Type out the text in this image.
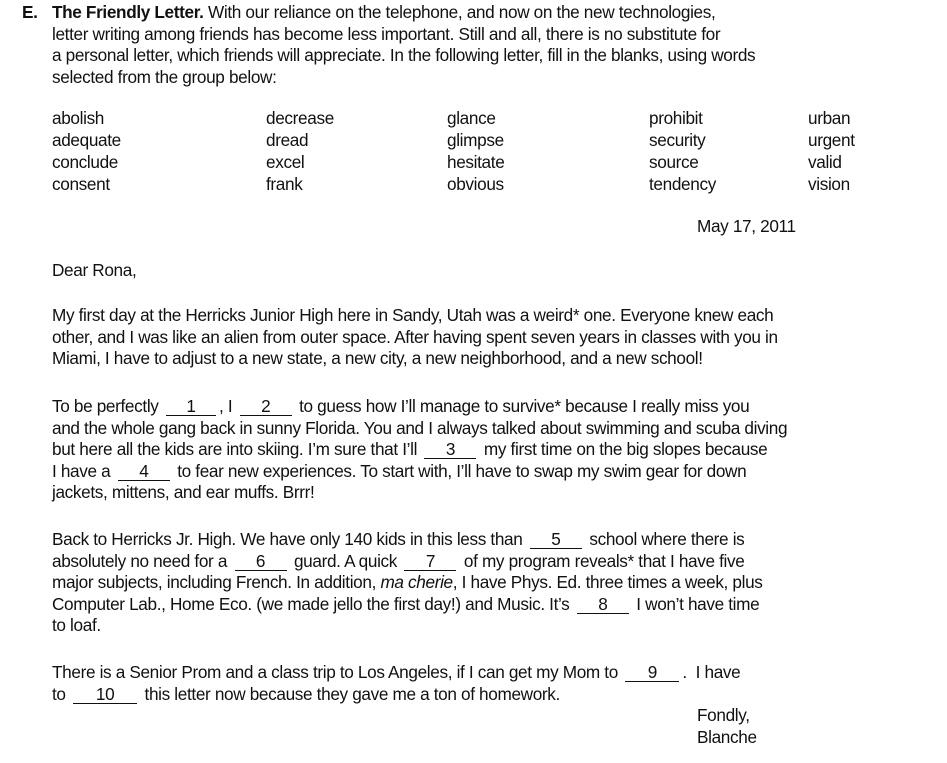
E. The Friendly Letter. With our reliance on the telephone, and now on the new technologies,
letter writing among friends has become less important. Still and all, there is no substitute for
a personal letter, which friends will appreciate. In the following letter, fill in the blanks, using words
selected from the group below:
abolish
adequate
conclude
consent
decrease
dread
excel
frank
glance
glimpse
hesitate
obvious
prohibit
security
source
tendency
urban
urgent
valid
vision
May 17, 2011
Dear Rona,
My first day at the Herricks Junior High here in Sandy, Utah was a weird* one. Everyone knew each
other, and I was like an alien from outer space. After having spent seven years in classes with you in
Miami, I have to adjust to a new state, a new city, a new neighborhood, and a new school!
To be perfectly 1 , I 2 to guess how I’ll manage to survive* because I really miss you
and the whole gang back in sunny Florida. You and I always talked about swimming and scuba diving
but here all the kids are into skiing. I’m sure that I’ll 3 my first time on the big slopes because
I have a 4 to fear new experiences. To start with, I’ll have to swap my swim gear for down
jackets, mittens, and ear muffs. Brrr!
Back to Herricks Jr. High. We have only 140 kids in this less than 5 school where there is
absolutely no need for a 6 guard. A quick 7 of my program reveals* that I have five
major subjects, including French. In addition, ma cherie, I have Phys. Ed. three times a week, plus
Computer Lab., Home Eco. (we made jello the first day!) and Music. It’s 8 I won’t have time
to loaf.
There is a Senior Prom and a class trip to Los Angeles, if I can get my Mom to 9 .  I have
to 10 this letter now because they gave me a ton of homework.
Fondly,
Blanche
